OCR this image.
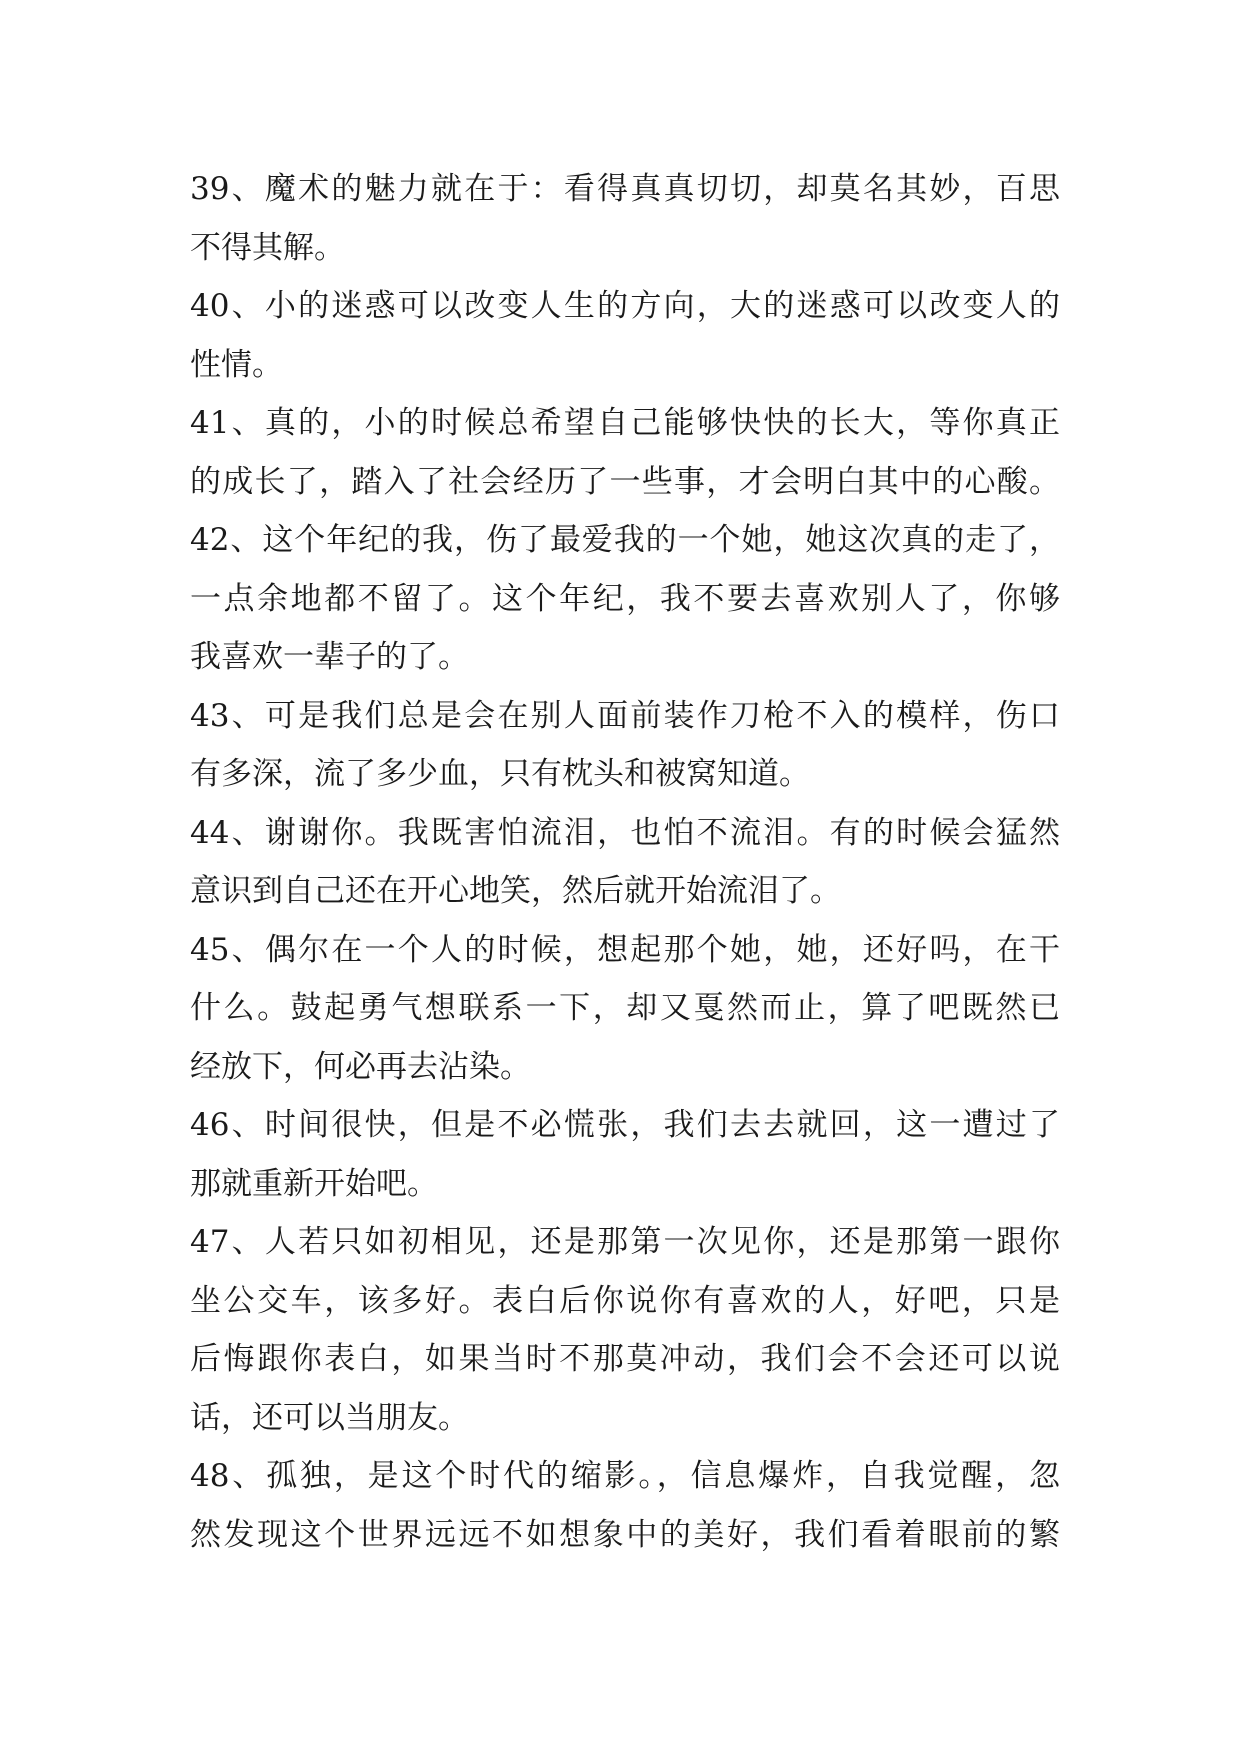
39、魔术的魅力就在于：看得真真切切，却莫名其妙，百思
不得其解。
40、小的迷惑可以改变人生的方向，大的迷惑可以改变人的
性情。
41、真的，小的时候总希望自己能够快快的长大，等你真正
的成长了，踏入了社会经历了一些事，才会明白其中的心酸。
42、这个年纪的我，伤了最爱我的一个她，她这次真的走了，
一点余地都不留了。这个年纪，我不要去喜欢别人了，你够
我喜欢一辈子的了。
43、可是我们总是会在别人面前装作刀枪不入的模样，伤口
有多深，流了多少血，只有枕头和被窝知道。
44、谢谢你。我既害怕流泪，也怕不流泪。有的时候会猛然
意识到自己还在开心地笑，然后就开始流泪了。
45、偶尔在一个人的时候，想起那个她，她，还好吗，在干
什么。鼓起勇气想联系一下，却又戛然而止，算了吧既然已
经放下，何必再去沾染。
46、时间很快，但是不必慌张，我们去去就回，这一遭过了
那就重新开始吧。
47、人若只如初相见，还是那第一次见你，还是那第一跟你
坐公交车，该多好。表白后你说你有喜欢的人，好吧，只是
后悔跟你表白，如果当时不那莫冲动，我们会不会还可以说
话，还可以当朋友。
48、孤独，是这个时代的缩影。，信息爆炸，自我觉醒，忽
然发现这个世界远远不如想象中的美好，我们看着眼前的繁
